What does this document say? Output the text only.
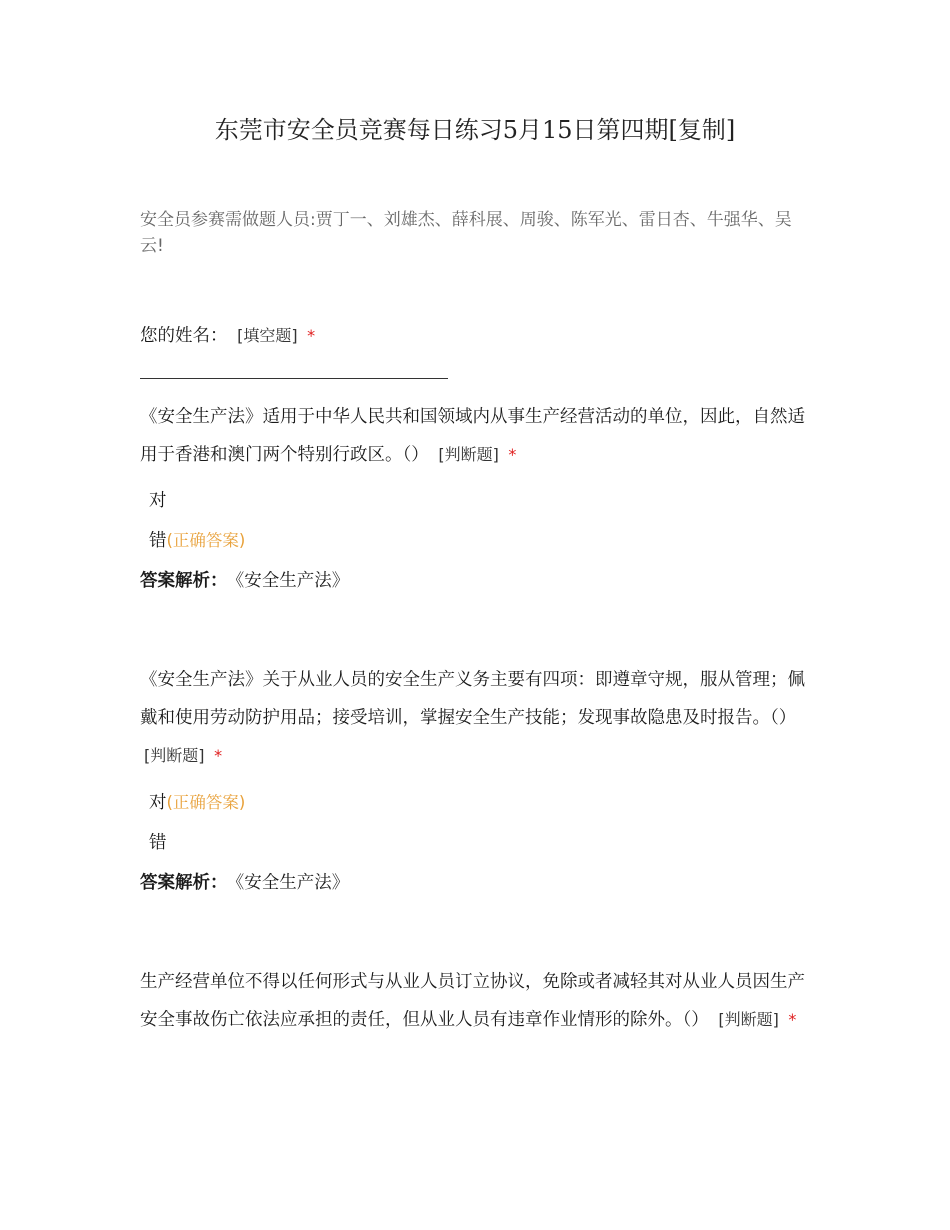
东莞市安全员竞赛每日练习5月15日第四期[复制]
安全员参赛需做题人员:贾丁一、刘雄杰、薛科展、周骏、陈军光、雷日杏、牛强华、吴云!
您的姓名： [填空题] *
《安全生产法》适用于中华人民共和国领域内从事生产经营活动的单位，因此，自然适用于香港和澳门两个特别行政区。（） [判断题] *
对
错(正确答案)
答案解析： 《安全生产法》
《安全生产法》关于从业人员的安全生产义务主要有四项：即遵章守规，服从管理；佩戴和使用劳动防护用品；接受培训，掌握安全生产技能；发现事故隐患及时报告。（） [判断题] *
对(正确答案)
错
答案解析： 《安全生产法》
生产经营单位不得以任何形式与从业人员订立协议，免除或者减轻其对从业人员因生产安全事故伤亡依法应承担的责任，但从业人员有违章作业情形的除外。（） [判断题] *
